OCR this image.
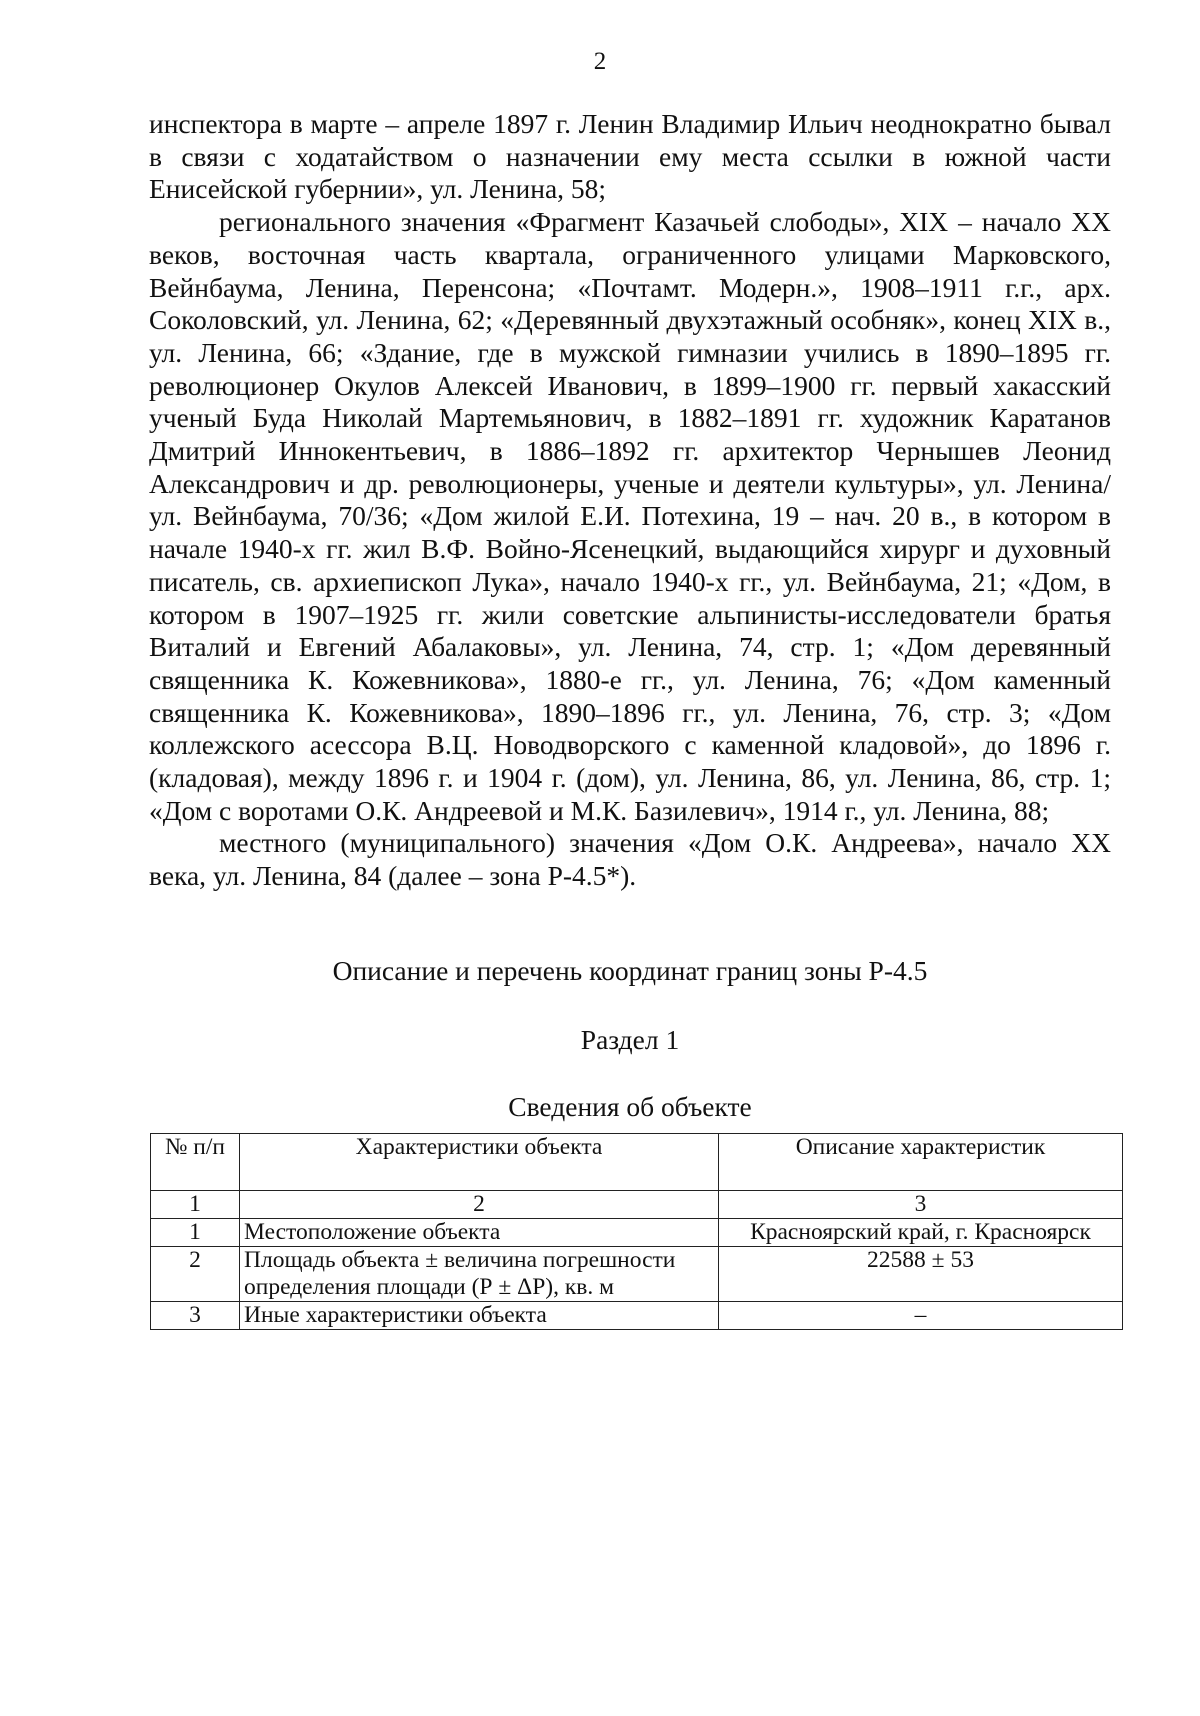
2

инспектора в марте – апреле 1897 г. Ленин Владимир Ильич неоднократно бывал в связи с ходатайством о назначении ему места ссылки в южной части Енисейской губернии», ул. Ленина, 58;

регионального значения «Фрагмент Казачьей слободы», XIX – начало XX веков, восточная часть квартала, ограниченного улицами Марковского, Вейнбаума, Ленина, Перенсона; «Почтамт. Модерн.», 1908–1911 г.г., арх. Соколовский, ул. Ленина, 62; «Деревянный двухэтажный особняк», конец XIX в., ул. Ленина, 66; «Здание, где в мужской гимназии учились в 1890–1895 гг. революционер Окулов Алексей Иванович, в 1899–1900 гг. первый хакасский ученый Буда Николай Мартемьянович, в 1882–1891 гг. художник Каратанов Дмитрий Иннокентьевич, в 1886–1892 гг. архитектор Чернышев Леонид Александрович и др. революционеры, ученые и деятели культуры», ул. Ленина/ул. Вейнбаума, 70/36; «Дом жилой Е.И. Потехина, 19 – нач. 20 в., в котором в начале 1940-х гг. жил В.Ф. Войно-Ясенецкий, выдающийся хирург и духовный писатель, св. архиепископ Лука», начало 1940-х гг., ул. Вейнбаума, 21; «Дом, в котором в 1907–1925 гг. жили советские альпинисты-исследователи братья Виталий и Евгений Абалаковы», ул. Ленина, 74, стр. 1; «Дом деревянный священника К. Кожевникова», 1880-е гг., ул. Ленина, 76; «Дом каменный священника К. Кожевникова», 1890–1896 гг., ул. Ленина, 76, стр. 3; «Дом коллежского асессора В.Ц. Новодворского с каменной кладовой», до 1896 г. (кладовая), между 1896 г. и 1904 г. (дом), ул. Ленина, 86, ул. Ленина, 86, стр. 1; «Дом с воротами О.К. Андреевой и М.К. Базилевич», 1914 г., ул. Ленина, 88;

местного (муниципального) значения «Дом О.К. Андреева», начало XX века, ул. Ленина, 84 (далее – зона Р-4.5*).

Описание и перечень координат границ зоны Р-4.5
Раздел 1
Сведения об объекте
№ п/п	Характеристики объекта	Описание характеристик
1	2	3
1	Местоположение объекта	Красноярский край, г. Красноярск
2	Площадь объекта ± величина погрешности определения площади (Р ± ΔР), кв. м	22588 ± 53
3	Иные характеристики объекта	–
